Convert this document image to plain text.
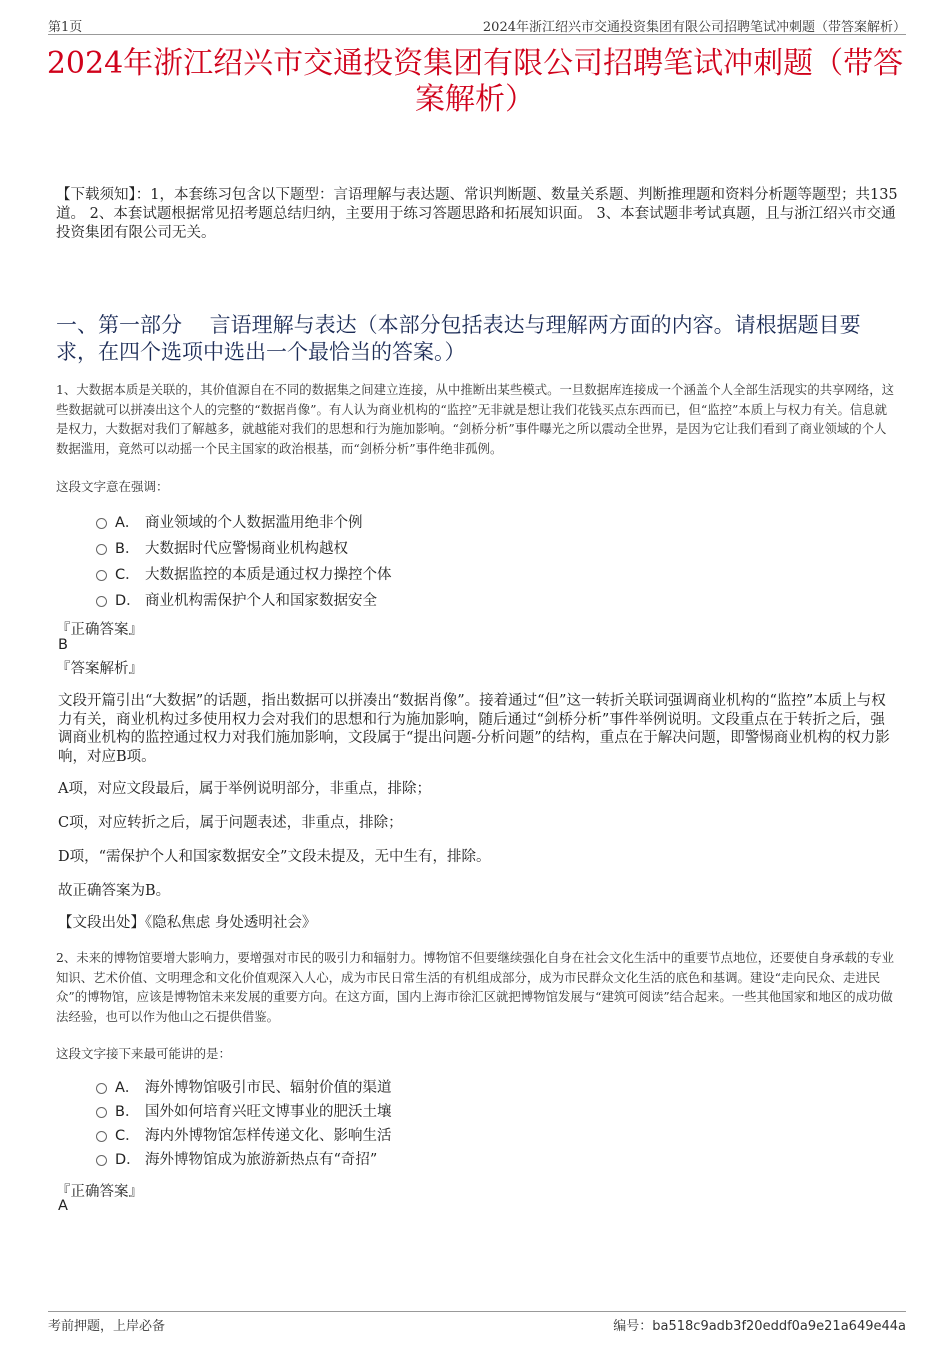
第1页	2024年浙江绍兴市交通投资集团有限公司招聘笔试冲刺题（带答案解析）
2024年浙江绍兴市交通投资集团有限公司招聘笔试冲刺题（带答案解析）
【下载须知】：1，本套练习包含以下题型：言语理解与表达题、常识判断题、数量关系题、判断推理题和资料分析题等题型；共135道。 2、本套试题根据常见招考题总结归纳，主要用于练习答题思路和拓展知识面。 3、本套试题非考试真题，且与浙江绍兴市交通投资集团有限公司无关。
一、第一部分　 言语理解与表达（本部分包括表达与理解两方面的内容。请根据题目要求，在四个选项中选出一个最恰当的答案。）
1、大数据本质是关联的，其价值源自在不同的数据集之间建立连接，从中推断出某些模式。一旦数据库连接成一个涵盖个人全部生活现实的共享网络，这些数据就可以拼凑出这个人的完整的“数据肖像”。有人认为商业机构的“监控”无非就是想让我们花钱买点东西而已，但“监控”本质上与权力有关。信息就是权力，大数据对我们了解越多，就越能对我们的思想和行为施加影响。“剑桥分析”事件曝光之所以震动全世界，是因为它让我们看到了商业领域的个人数据滥用，竟然可以动摇一个民主国家的政治根基，而“剑桥分析”事件绝非孤例。
这段文字意在强调：
A． 商业领域的个人数据滥用绝非个例
B． 大数据时代应警惕商业机构越权
C． 大数据监控的本质是通过权力操控个体
D． 商业机构需保护个人和国家数据安全
『正确答案』
B
『答案解析』
文段开篇引出“大数据”的话题，指出数据可以拼凑出“数据肖像”。接着通过“但”这一转折关联词强调商业机构的“监控”本质上与权力有关，商业机构过多使用权力会对我们的思想和行为施加影响，随后通过“剑桥分析”事件举例说明。文段重点在于转折之后，强调商业机构的监控通过权力对我们施加影响，文段属于“提出问题-分析问题”的结构，重点在于解决问题，即警惕商业机构的权力影响，对应B项。
A项，对应文段最后，属于举例说明部分，非重点，排除；
C项，对应转折之后，属于问题表述，非重点，排除；
D项，“需保护个人和国家数据安全”文段未提及，无中生有，排除。
故正确答案为B。
【文段出处】《隐私焦虑 身处透明社会》
2、未来的博物馆要增大影响力，要增强对市民的吸引力和辐射力。博物馆不但要继续强化自身在社会文化生活中的重要节点地位，还要使自身承载的专业知识、艺术价值、文明理念和文化价值观深入人心，成为市民日常生活的有机组成部分，成为市民群众文化生活的底色和基调。建设“走向民众、走进民众”的博物馆，应该是博物馆未来发展的重要方向。在这方面，国内上海市徐汇区就把博物馆发展与“建筑可阅读”结合起来。一些其他国家和地区的成功做法经验，也可以作为他山之石提供借鉴。
这段文字接下来最可能讲的是：
A． 海外博物馆吸引市民、辐射价值的渠道
B． 国外如何培育兴旺文博事业的肥沃土壤
C． 海内外博物馆怎样传递文化、影响生活
D． 海外博物馆成为旅游新热点有“奇招”
『正确答案』
A
考前押题，上岸必备	编号：ba518c9adb3f20eddf0a9e21a649e44a
